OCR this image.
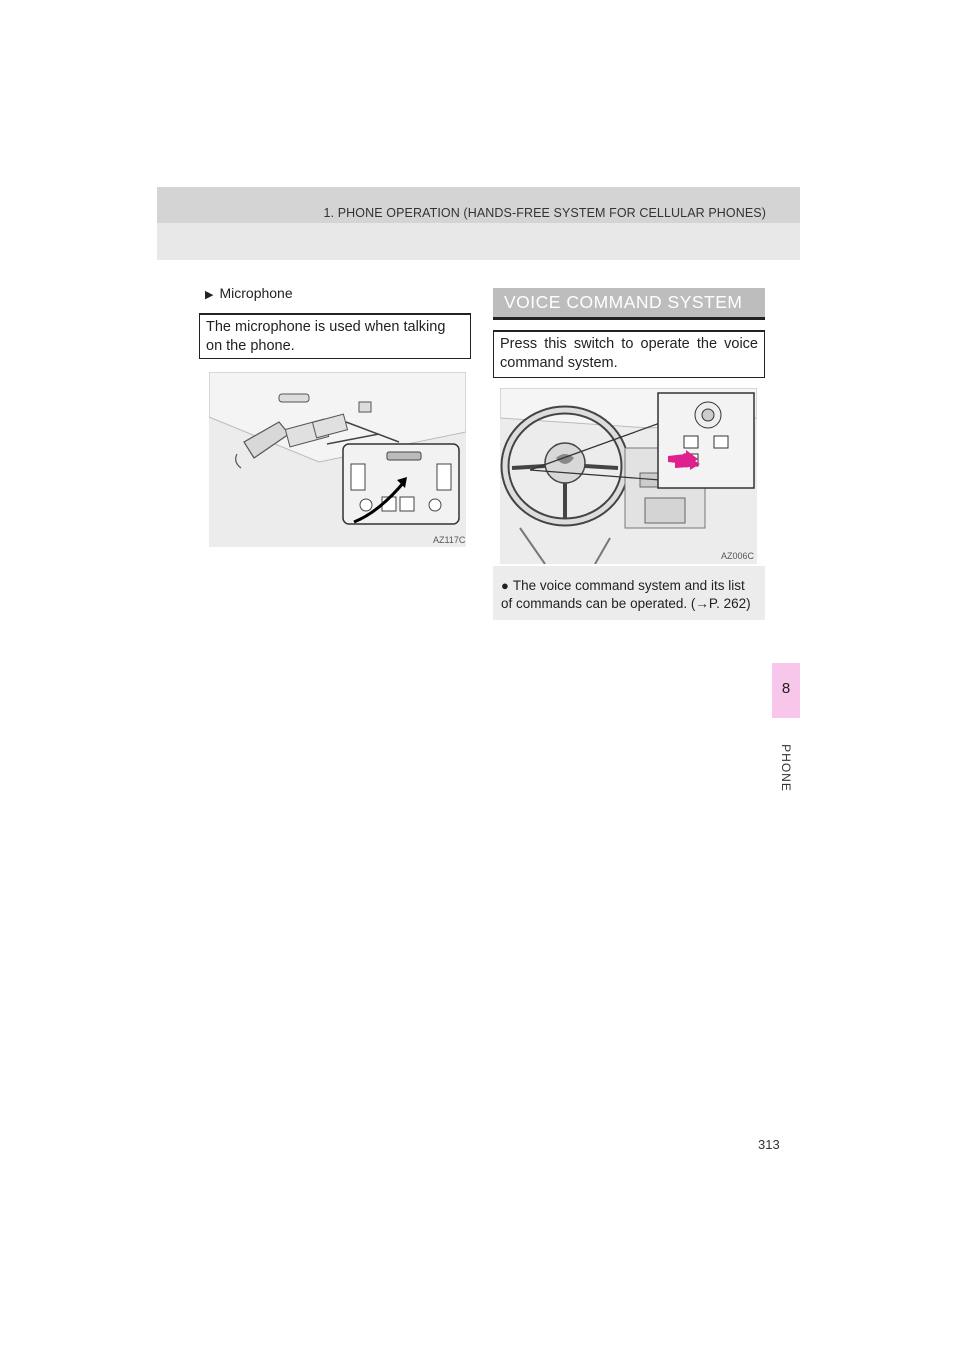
1. PHONE OPERATION (HANDS-FREE SYSTEM FOR CELLULAR PHONES)
▶ Microphone
The microphone is used when talking on the phone.
AZ117C
VOICE COMMAND SYSTEM
Press this switch to operate the voice command system.
AZ006C
● The voice command system and its list of commands can be operated. (→P. 262)
8
PHONE
313
